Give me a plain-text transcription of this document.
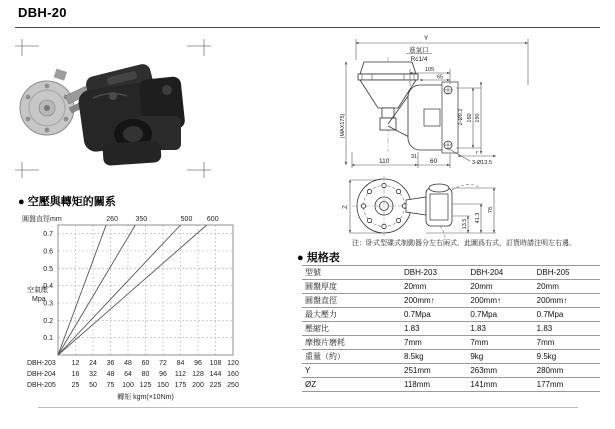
DBH-20
Y
進氣口
Rc1/4
105
65
(MAX175)	160 190
2-Ø9.2
110	60
31
r
3-Ø13.5
Z
13.5
41.3
76
注：卧式型碟式制動器分左右兩式，此圖爲右式，訂貨時請注明左右邊。
● 空壓與轉矩的關系
0.7
0.6
0.5
0.4
0.3
0.2
0.1
260 350	500 600
圓盤直徑mm
空氣壓
Mpa
DBH-203 12 24 36 48 60 72 84 96 108 120
DBH-204 16 32 48 64 80 96 112 128 144 160
DBH-205 25 50 75 100 125 150 175 200 225 250
轉矩 kgm(×10Nm)
● 規格表
型號	DBH-203	DBH-204	DBH-205
圓盤厚度	20mm	20mm	20mm
圓盤直徑	200mm↑	200mm↑	200mm↑
最大壓力	0.7Mpa	0.7Mpa	0.7Mpa
壓縮比	1.83	1.83	1.83
摩擦片磨耗	7mm	7mm	7mm
重量（約）	8.5kg	9kg	9.5kg
Y	251mm	263mm	280mm
ØZ	118mm	141mm	177mm
